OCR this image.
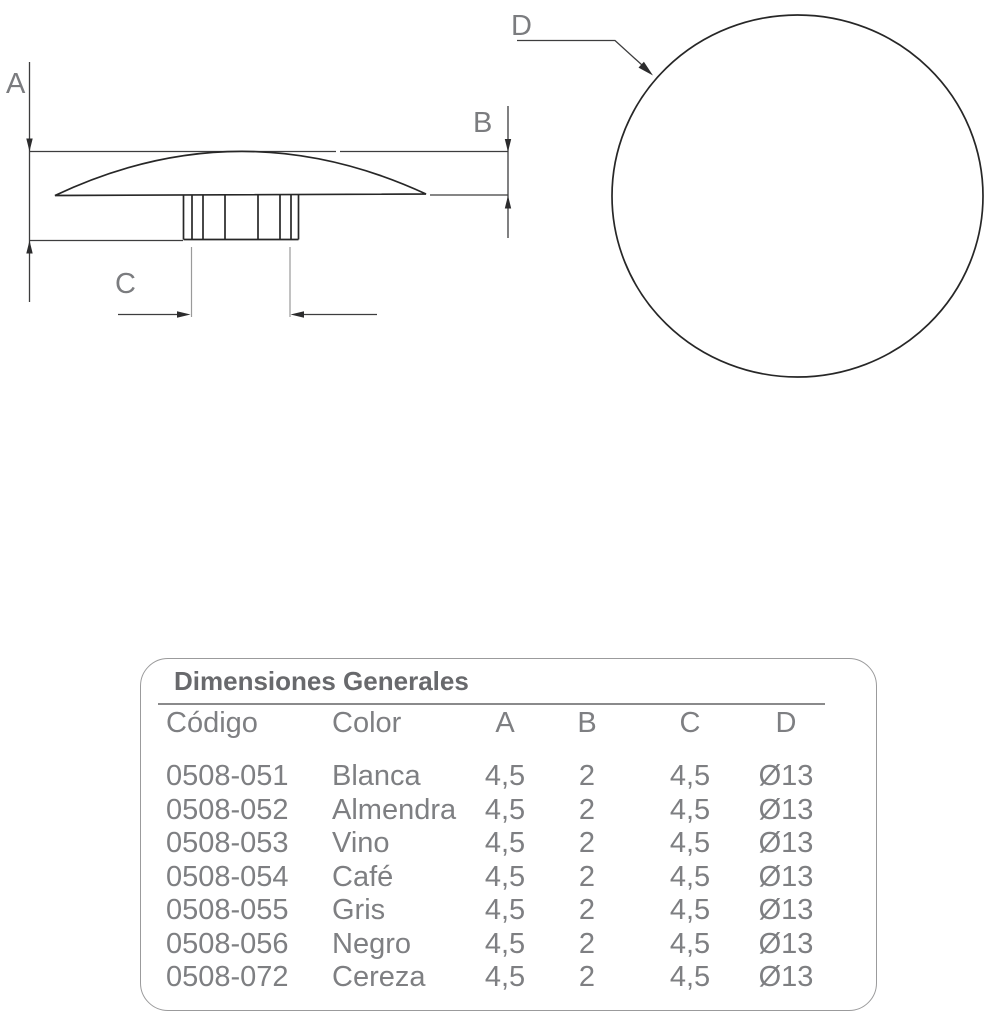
A
B
C
D
Dimensiones Generales
Código	Color	A B	C	D
0508-051 Blanca 4,5 2	4,5 Ø13
0508-052 Almendra 4,5 2	4,5 Ø13
0508-053 Vino	4,5 2	4,5 Ø13
0508-054 Café	4,5 2	4,5 Ø13
0508-055 Gris	4,5 2	4,5 Ø13
0508-056 Negro	4,5 2	4,5 Ø13
0508-072 Cereza 4,5 2	4,5 Ø13
